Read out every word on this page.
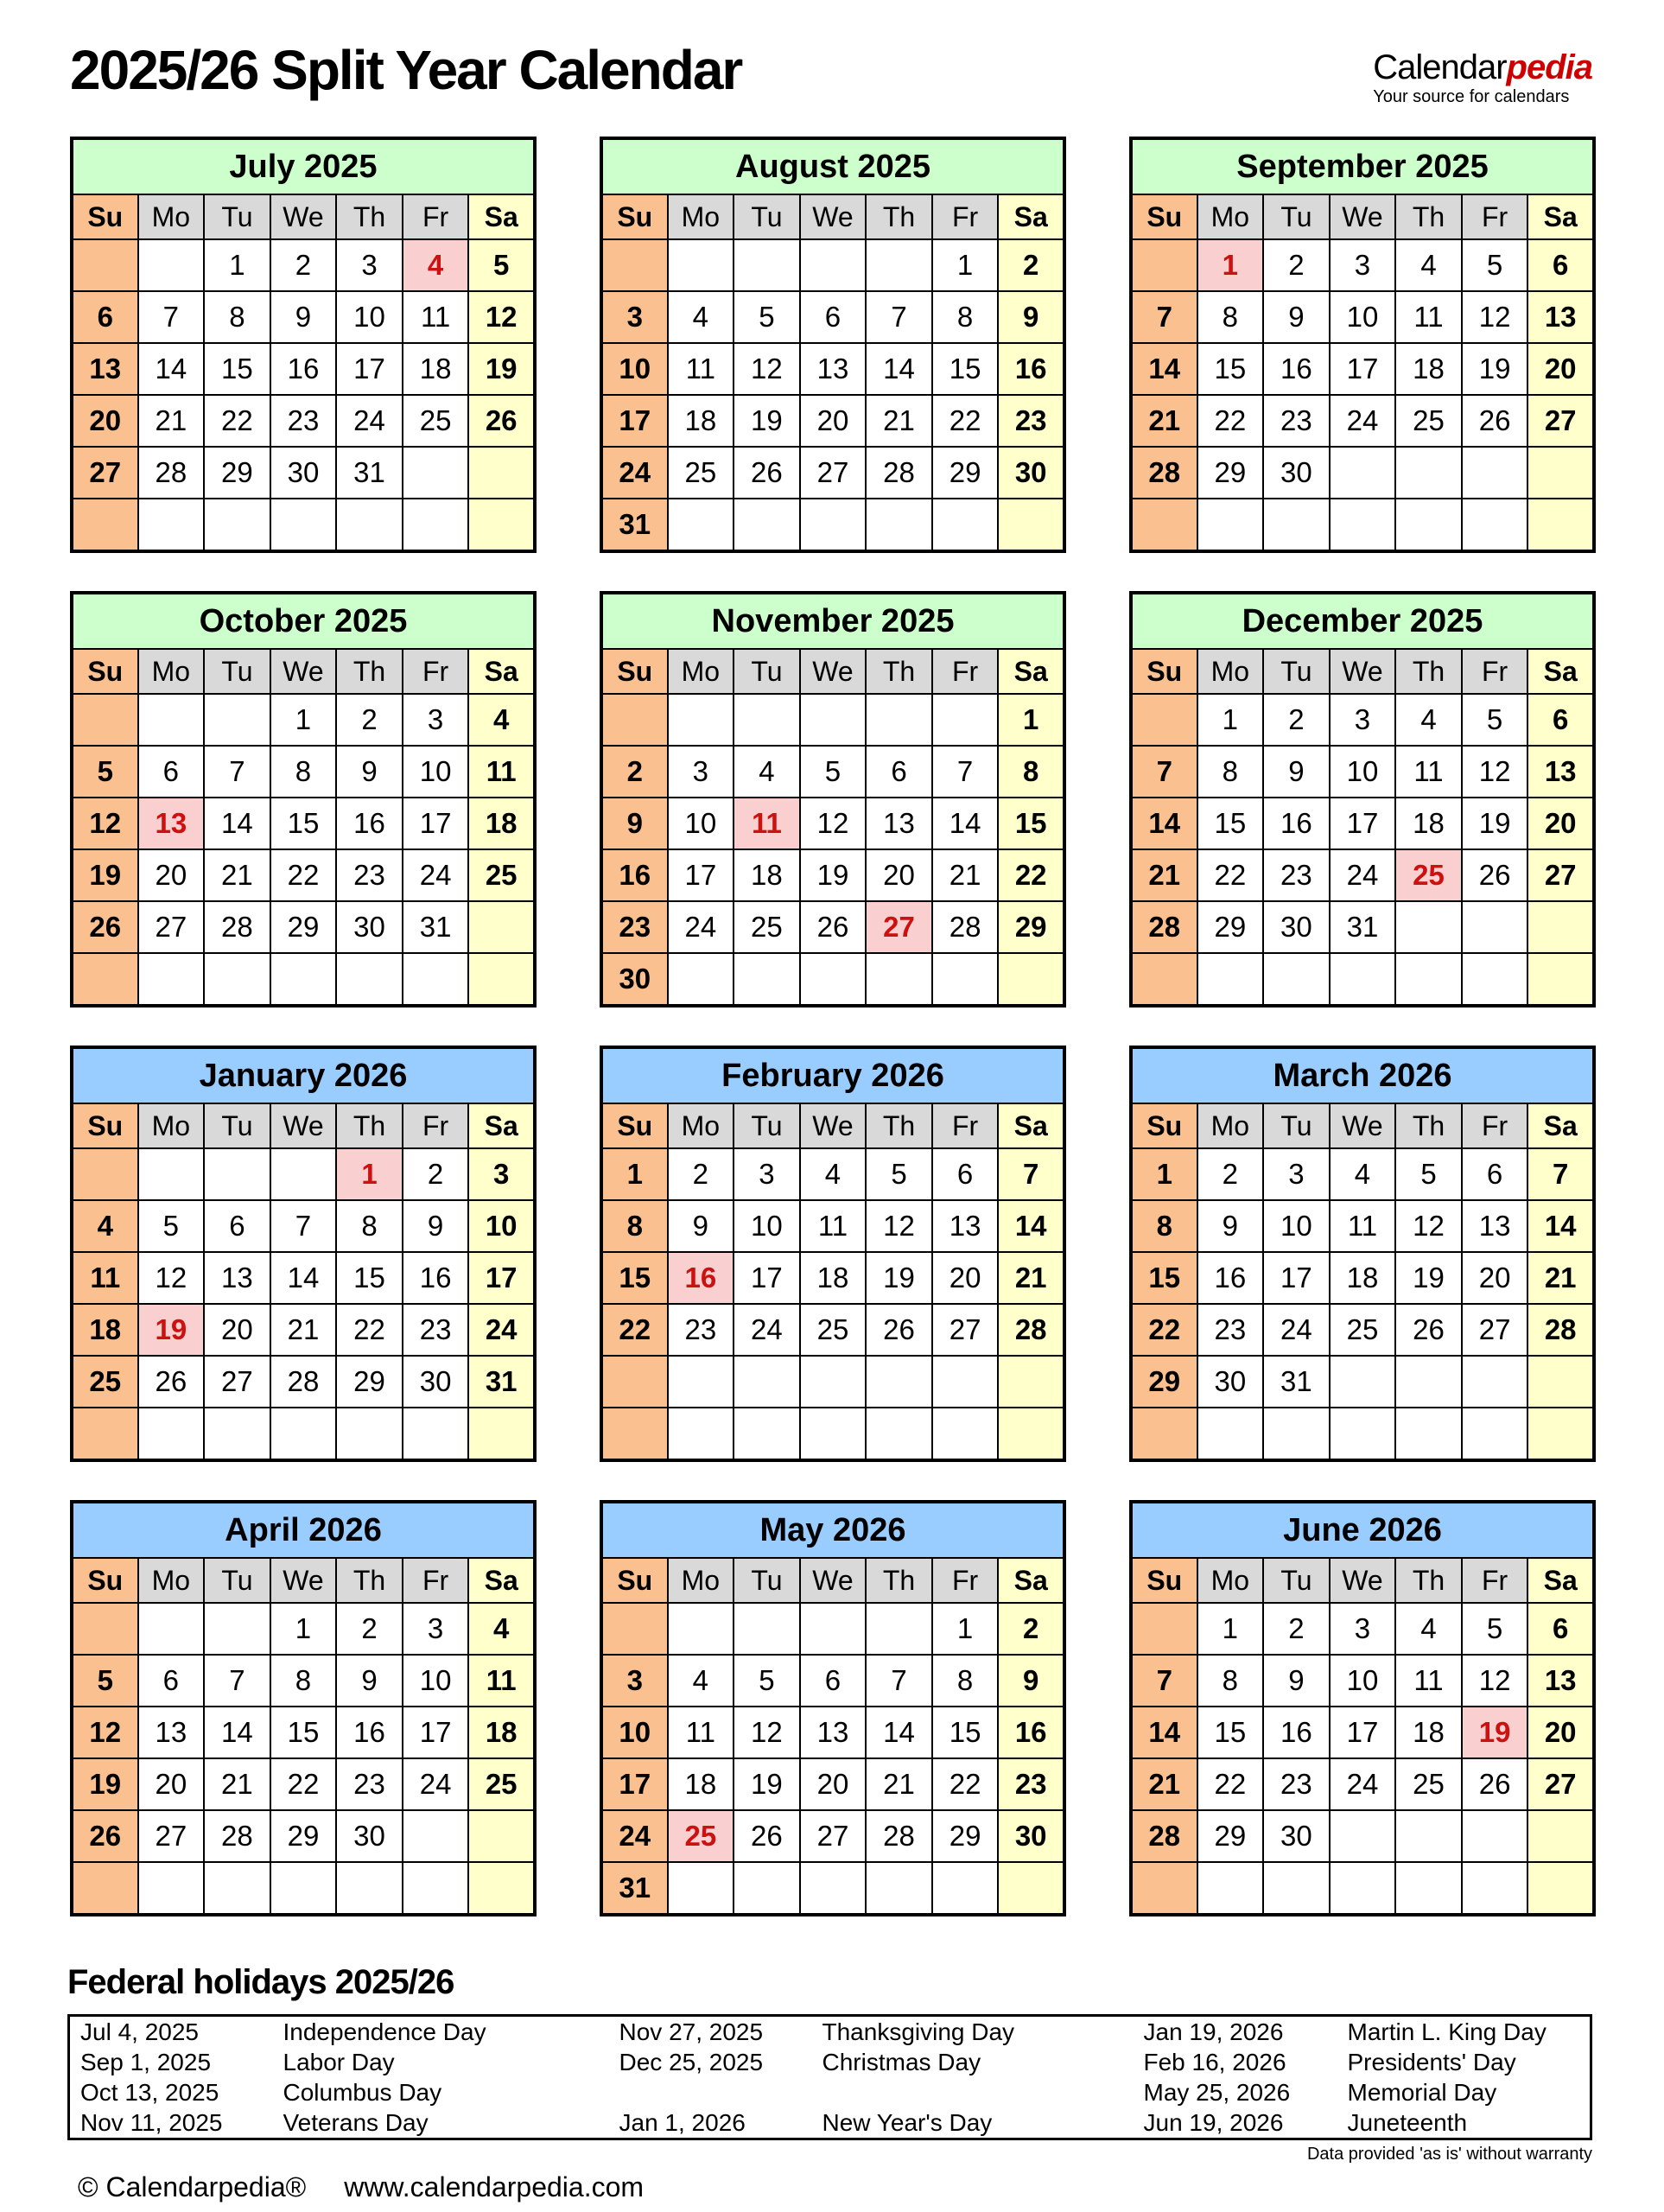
2025/26 Split Year Calendar	Calendarpedia
Your source for calendars
July 2025						
Su	Mo	Tu	We	Th	Fr	Sa
		1	2	3	4	5
6	7	8	9	10	11	12
13	14	15	16	17	18	19
20	21	22	23	24	25	26
27	28	29	30	31		

August 2025						
Su	Mo	Tu	We	Th	Fr	Sa
					1	2
3	4	5	6	7	8	9
10	11	12	13	14	15	16
17	18	19	20	21	22	23
24	25	26	27	28	29	30
31						
September 2025						
Su	Mo	Tu	We	Th	Fr	Sa
	1	2	3	4	5	6
7	8	9	10	11	12	13
14	15	16	17	18	19	20
21	22	23	24	25	26	27
28	29	30				

October 2025						
Su	Mo	Tu	We	Th	Fr	Sa
			1	2	3	4
5	6	7	8	9	10	11
12	13	14	15	16	17	18
19	20	21	22	23	24	25
26	27	28	29	30	31	

November 2025						
Su	Mo	Tu	We	Th	Fr	Sa
						1
2	3	4	5	6	7	8
9	10	11	12	13	14	15
16	17	18	19	20	21	22
23	24	25	26	27	28	29
30						
December 2025						
Su	Mo	Tu	We	Th	Fr	Sa
	1	2	3	4	5	6
7	8	9	10	11	12	13
14	15	16	17	18	19	20
21	22	23	24	25	26	27
28	29	30	31			

January 2026						
Su	Mo	Tu	We	Th	Fr	Sa
				1	2	3
4	5	6	7	8	9	10
11	12	13	14	15	16	17
18	19	20	21	22	23	24
25	26	27	28	29	30	31

February 2026						
Su	Mo	Tu	We	Th	Fr	Sa
1	2	3	4	5	6	7
8	9	10	11	12	13	14
15	16	17	18	19	20	21
22	23	24	25	26	27	28

March 2026						
Su	Mo	Tu	We	Th	Fr	Sa
1	2	3	4	5	6	7
8	9	10	11	12	13	14
15	16	17	18	19	20	21
22	23	24	25	26	27	28
29	30	31				

April 2026						
Su	Mo	Tu	We	Th	Fr	Sa
			1	2	3	4
5	6	7	8	9	10	11
12	13	14	15	16	17	18
19	20	21	22	23	24	25
26	27	28	29	30		

May 2026						
Su	Mo	Tu	We	Th	Fr	Sa
					1	2
3	4	5	6	7	8	9
10	11	12	13	14	15	16
17	18	19	20	21	22	23
24	25	26	27	28	29	30
31						
June 2026						
Su	Mo	Tu	We	Th	Fr	Sa
	1	2	3	4	5	6
7	8	9	10	11	12	13
14	15	16	17	18	19	20
21	22	23	24	25	26	27
28	29	30				

Federal holidays 2025/26
Jul 4, 2025	Independence Day	Nov 27, 2025	Thanksgiving Day	Jan 19, 2026	Martin L. King Day
Sep 1, 2025	Labor Day	Dec 25, 2025	Christmas Day	Feb 16, 2026	Presidents' Day
Oct 13, 2025	Columbus Day			May 25, 2026	Memorial Day
Nov 11, 2025	Veterans Day	Jan 1, 2026	New Year's Day	Jun 19, 2026	Juneteenth
Data provided 'as is' without warranty
© Calendarpedia® www.calendarpedia.com
